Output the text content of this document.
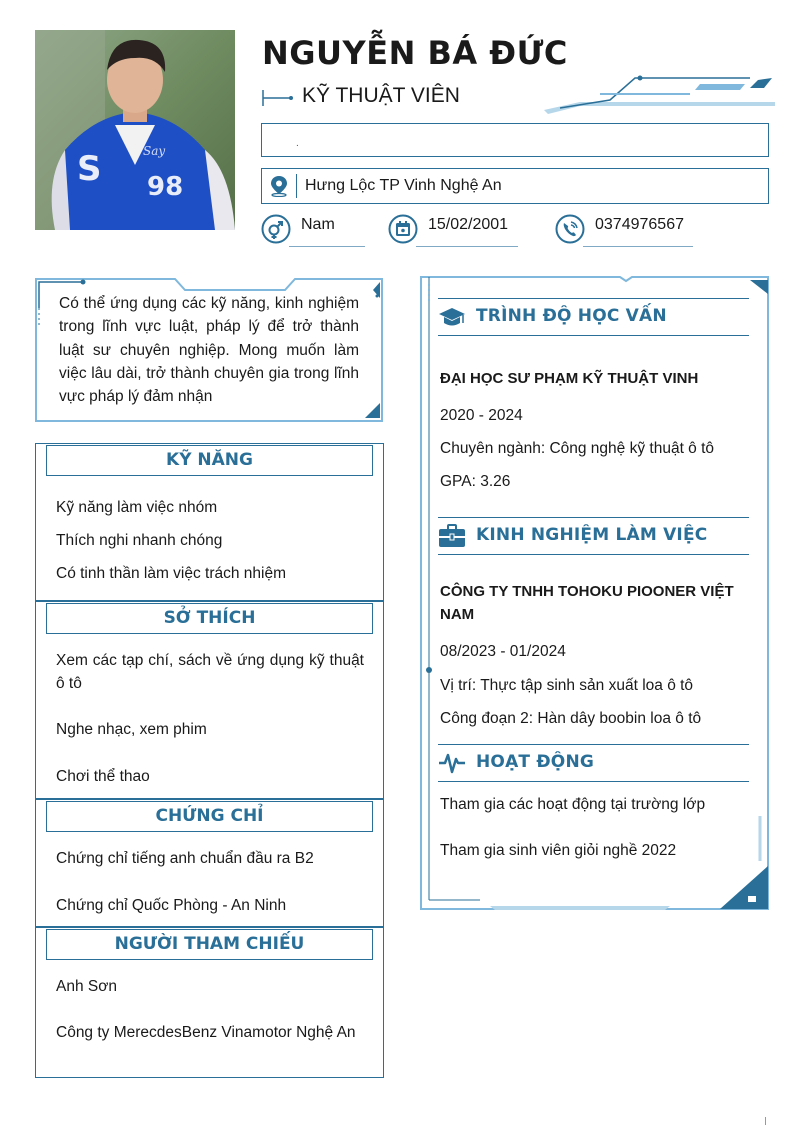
S 98
Say
NGUYỄN BÁ ĐỨC
KỸ THUẬT VIÊN
.
Hưng Lộc TP Vinh Nghệ An
Nam	15/02/2001	0374976567
Có thể ứng dụng các kỹ năng, kinh nghiệm trong lĩnh vực luật, pháp lý để trở thành luật sư chuyên nghiệp. Mong muốn làm việc lâu dài, trở thành chuyên gia trong lĩnh vực pháp lý đảm nhận
KỸ NĂNG
Kỹ năng làm việc nhóm
Thích nghi nhanh chóng
Có tinh thần làm việc trách nhiệm
SỞ THÍCH
Xem các tạp chí, sách về ứng dụng kỹ thuật ô tô
Nghe nhạc, xem phim
Chơi thể thao
CHỨNG CHỈ
Chứng chỉ tiếng anh chuẩn đầu ra B2
Chứng chỉ Quốc Phòng - An Ninh
NGƯỜI THAM CHIẾU
Anh Sơn
Công ty MerecdesBenz Vinamotor Nghệ An
TRÌNH ĐỘ HỌC VẤN
ĐẠI HỌC SƯ PHẠM KỸ THUẬT VINH
2020 - 2024
Chuyên ngành: Công nghệ kỹ thuật ô tô
GPA: 3.26
KINH NGHIỆM LÀM VIỆC
CÔNG TY TNHH TOHOKU PIOONER VIỆT NAM
08/2023 - 01/2024
Vị trí: Thực tập sinh sản xuất loa ô tô
Công đoạn 2: Hàn dây boobin loa ô tô
HOẠT ĐỘNG
Tham gia các hoạt động tại trường lớp
Tham gia sinh viên giỏi nghề 2022
